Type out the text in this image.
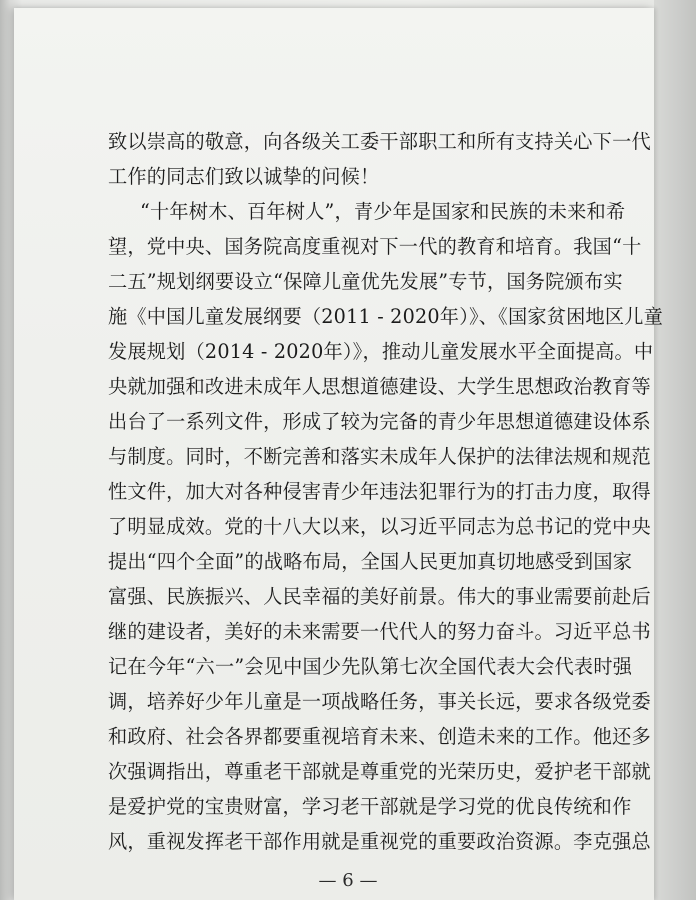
致以崇高的敬意，向各级关工委干部职工和所有支持关心下一代
工作的同志们致以诚挚的问候！
“十年树木、百年树人”，青少年是国家和民族的未来和希
望，党中央、国务院高度重视对下一代的教育和培育。我国“十
二五”规划纲要设立“保障儿童优先发展”专节，国务院颁布实
施《中国儿童发展纲要（2011 - 2020年）》、《国家贫困地区儿童
发展规划（2014 - 2020年）》，推动儿童发展水平全面提高。中
央就加强和改进未成年人思想道德建设、大学生思想政治教育等
出台了一系列文件，形成了较为完备的青少年思想道德建设体系
与制度。同时，不断完善和落实未成年人保护的法律法规和规范
性文件，加大对各种侵害青少年违法犯罪行为的打击力度，取得
了明显成效。党的十八大以来，以习近平同志为总书记的党中央
提出“四个全面”的战略布局，全国人民更加真切地感受到国家
富强、民族振兴、人民幸福的美好前景。伟大的事业需要前赴后
继的建设者，美好的未来需要一代代人的努力奋斗。习近平总书
记在今年“六一”会见中国少先队第七次全国代表大会代表时强
调，培养好少年儿童是一项战略任务，事关长远，要求各级党委
和政府、社会各界都要重视培育未来、创造未来的工作。他还多
次强调指出，尊重老干部就是尊重党的光荣历史，爱护老干部就
是爱护党的宝贵财富，学习老干部就是学习党的优良传统和作
风，重视发挥老干部作用就是重视党的重要政治资源。李克强总
— 6 —
